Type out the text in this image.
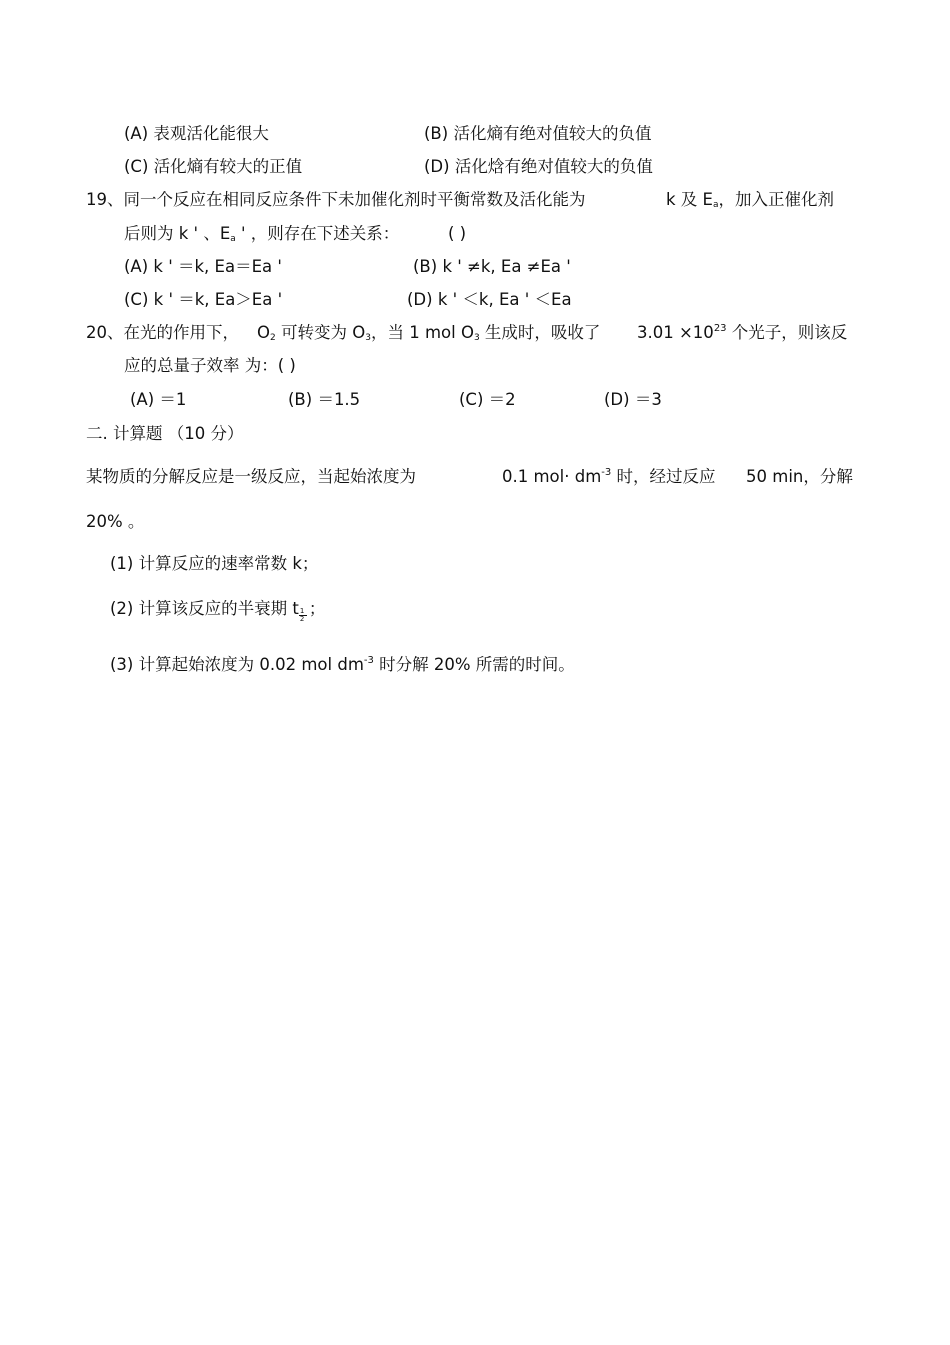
(A) 表观活化能很大	(B) 活化熵有绝对值较大的负值
(C) 活化熵有较大的正值	(D) 活化焓有绝对值较大的负值
19、同一个反应在相同反应条件下未加催化剂时平衡常数及活化能为	k 及 $E_a$，加入正催化剂
后则为 k ' 、$E_a$ ' ，则存在下述关系：	( )
(A) k ' ＝k, Ea＝Ea '	(B) k ' ≠k, Ea ≠Ea '
(C) k ' ＝k, Ea＞Ea '	(D) k ' ＜k, Ea ' ＜Ea
20、在光的作用下， $O_2$ 可转变为 $O_3$，当 1 mol $O_3$ 生成时，吸收了 $3.01 \times 10^{23}$ 个光子，则该反
应的总量子效率 为：( )
(A) ＝1	(B) ＝1.5	(C) ＝2	(D) ＝3
二. 计算题 （10 分）
某物质的分解反应是一级反应，当起始浓度为	0.1 $mol\cdot dm^{-3}$ 时，经过反应 50 min，分解
20% 。
(1) 计算反应的速率常数 k；
(2) 计算该反应的半衰期 t $\frac{1}{2}$ ；
(3) 计算起始浓度为 0.02 mol $dm^{-3}$ 时分解 20% 所需的时间。
